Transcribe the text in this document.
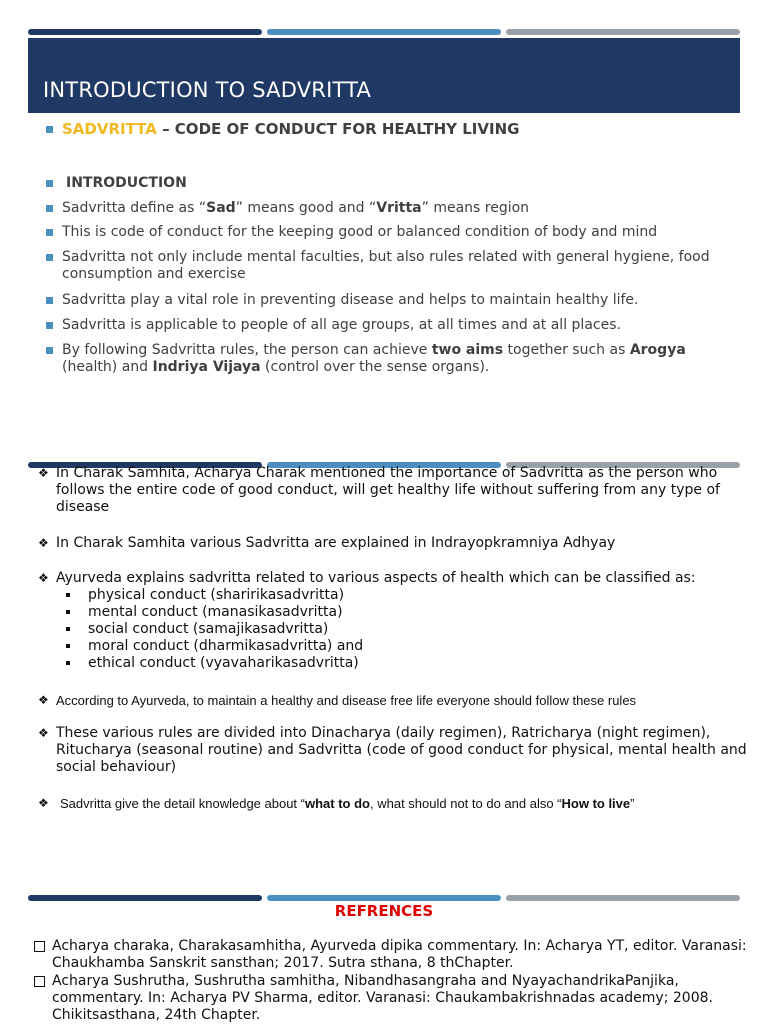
INTRODUCTION TO SADVRITTA
SADVRITTA – CODE OF CONDUCT FOR HEALTHY LIVING
INTRODUCTION
Sadvritta define as “Sad” means good and “Vritta” means region
This is code of conduct for the keeping good or balanced condition of body and mind
Sadvritta not only include mental faculties, but also rules related with general hygiene, food consumption and exercise
Sadvritta play a vital role in preventing disease and helps to maintain healthy life.
Sadvritta is applicable to people of all age groups, at all times and at all places.
By following Sadvritta rules, the person can achieve two aims together such as Arogya (health) and Indriya Vijaya (control over the sense organs).
❖ In Charak Samhita, Acharya Charak mentioned the importance of Sadvritta as the person who follows the entire code of good conduct, will get healthy life without suffering from any type of disease
❖ In Charak Samhita various Sadvritta are explained in Indrayopkramniya Adhyay
❖ Ayurveda explains sadvritta related to various aspects of health which can be classified as:
physical conduct (sharirikasadvritta)
mental conduct (manasikasadvritta)
social conduct (samajikasadvritta)
moral conduct (dharmikasadvritta) and
ethical conduct (vyavaharikasadvritta)
❖ According to Ayurveda, to maintain a healthy and disease free life everyone should follow these rules
❖ These various rules are divided into Dinacharya (daily regimen), Ratricharya (night regimen), Ritucharya (seasonal routine) and Sadvritta (code of good conduct for physical, mental health and social behaviour)
❖ Sadvritta give the detail knowledge about “what to do, what should not to do and also “How to live”
REFRENCES
Acharya charaka, Charakasamhitha, Ayurveda dipika commentary. In: Acharya YT, editor. Varanasi: Chaukhamba Sanskrit sansthan; 2017. Sutra sthana, 8 thChapter.
Acharya Sushrutha, Sushrutha samhitha, Nibandhasangraha and NyayachandrikaPanjika, commentary. In: Acharya PV Sharma, editor. Varanasi: Chaukambakrishnadas academy; 2008. Chikitsasthana, 24th Chapter.
